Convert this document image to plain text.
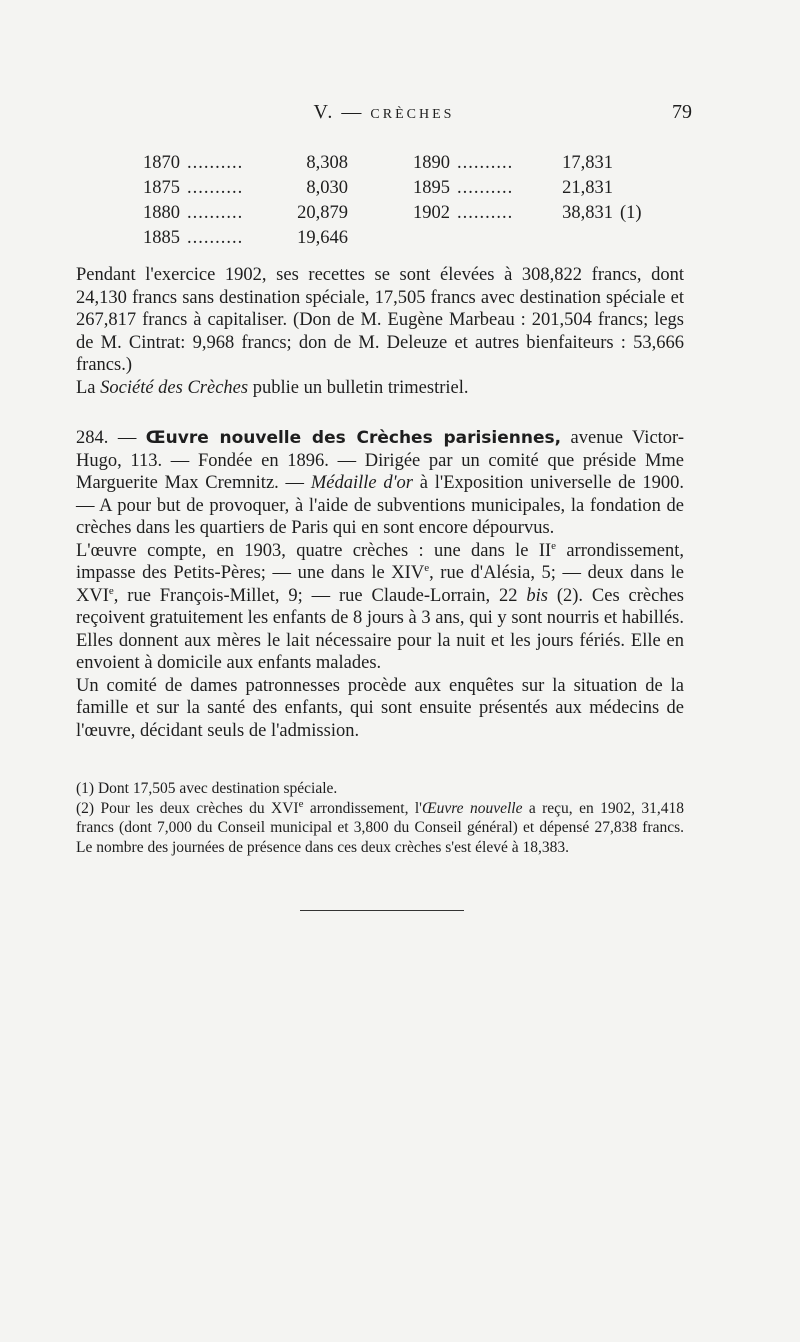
V. — CRÈCHES	79
1870 ..........	8,308	1890 ..........	17,831
1875 ..........	8,030	1895 ..........	21,831
1880 ..........	20,879	1902 ..........	38,831 (1)
1885 ..........	19,646

Pendant l'exercice 1902, ses recettes se sont élevées à 308,822 francs, dont 24,130 francs sans destination spéciale, 17,505 francs avec destination spéciale et 267,817 francs à capitaliser. (Don de M. Eugène Marbeau : 201,504 francs; legs de M. Cintrat: 9,968 francs; don de M. Deleuze et autres bienfaiteurs : 53,666 francs.)

La Société des Crèches publie un bulletin trimestriel.

284. — Œuvre nouvelle des Crèches parisiennes, avenue Victor-Hugo, 113. — Fondée en 1896. — Dirigée par un comité que préside Mme Marguerite Max Cremnitz. — Médaille d'or à l'Exposition universelle de 1900. — A pour but de provoquer, à l'aide de subventions municipales, la fondation de crèches dans les quartiers de Paris qui en sont encore dépourvus.

L'œuvre compte, en 1903, quatre crèches : une dans le IIe arrondissement, impasse des Petits-Pères; — une dans le XIVe, rue d'Alésia, 5; — deux dans le XVIe, rue François-Millet, 9; — rue Claude-Lorrain, 22 bis (2). Ces crèches reçoivent gratuitement les enfants de 8 jours à 3 ans, qui y sont nourris et habillés. Elles donnent aux mères le lait nécessaire pour la nuit et les jours fériés. Elle en envoient à domicile aux enfants malades.

Un comité de dames patronnesses procède aux enquêtes sur la situation de la famille et sur la santé des enfants, qui sont ensuite présentés aux médecins de l'œuvre, décidant seuls de l'admission.

(1) Dont 17,505 avec destination spéciale.

(2) Pour les deux crèches du XVIe arrondissement, l'Œuvre nouvelle a reçu, en 1902, 31,418 francs (dont 7,000 du Conseil municipal et 3,800 du Conseil général) et dépensé 27,838 francs. Le nombre des journées de présence dans ces deux crèches s'est élevé à 18,383.
